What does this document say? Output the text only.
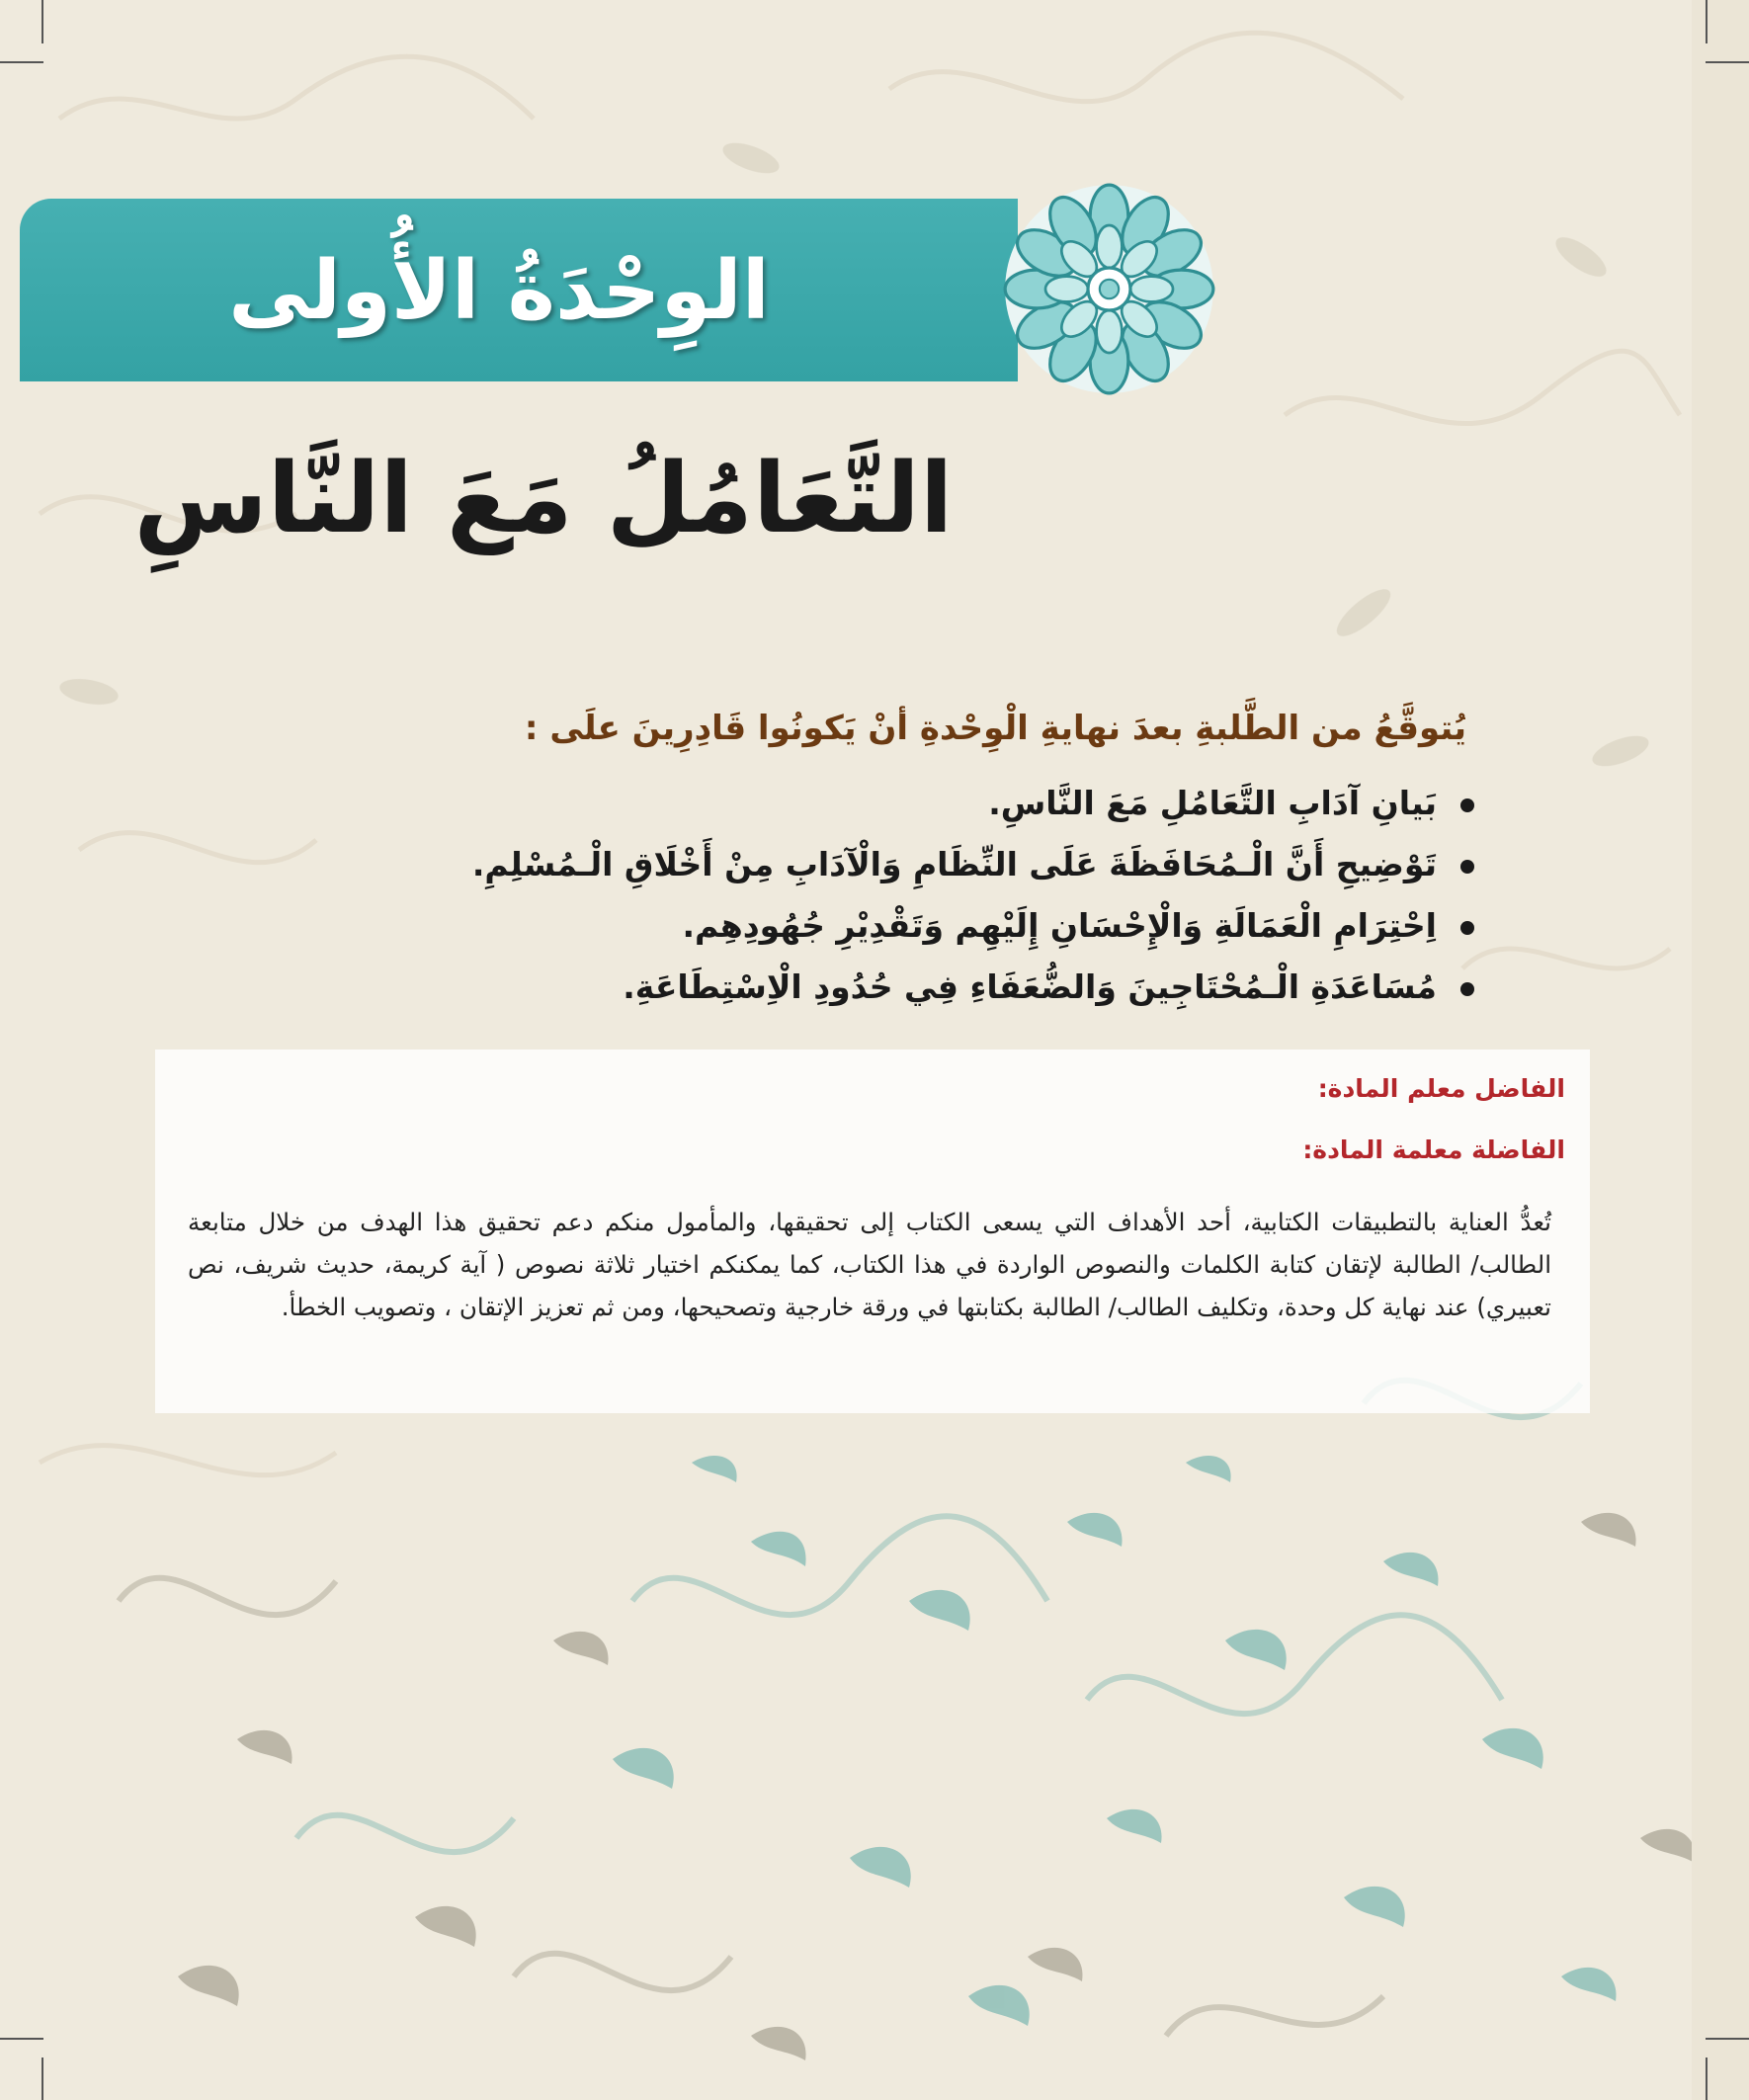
الوِحْدَةُ الأُولى
التَّعَامُلُ مَعَ النَّاسِ

يُتوقَّعُ من الطَّلبةِ بعدَ نهايةِ الْوِحْدةِ أنْ يَكونُوا قَادِرِينَ علَى :

بَيانِ آدَابِ التَّعَامُلِ مَعَ النَّاسِ.
تَوْضِيحِ أَنَّ الْـمُحَافَظَةَ عَلَى النِّظَامِ وَالْآدَابِ مِنْ أَخْلَاقِ الْـمُسْلِمِ.
اِحْتِرَامِ الْعَمَالَةِ وَالْإِحْسَانِ إِلَيْهِم وَتَقْدِيْرِ جُهُودِهِم.
مُسَاعَدَةِ الْـمُحْتَاجِينَ وَالضُّعَفَاءِ فِي حُدُودِ الْاِسْتِطَاعَةِ.

الفاضل معلم المادة:

الفاضلة معلمة المادة:

تُعدُّ العناية بالتطبيقات الكتابية، أحد الأهداف التي يسعى الكتاب إلى تحقيقها، والمأمول منكم دعم تحقيق هذا الهدف من خلال متابعة الطالب/ الطالبة لإتقان كتابة الكلمات والنصوص الواردة في هذا الكتاب، كما يمكنكم اختيار ثلاثة نصوص ( آية كريمة، حديث شريف، نص تعبيري) عند نهاية كل وحدة، وتكليف الطالب/ الطالبة بكتابتها في ورقة خارجية وتصحيحها، ومن ثم تعزيز الإتقان ، وتصويب الخطأ.
